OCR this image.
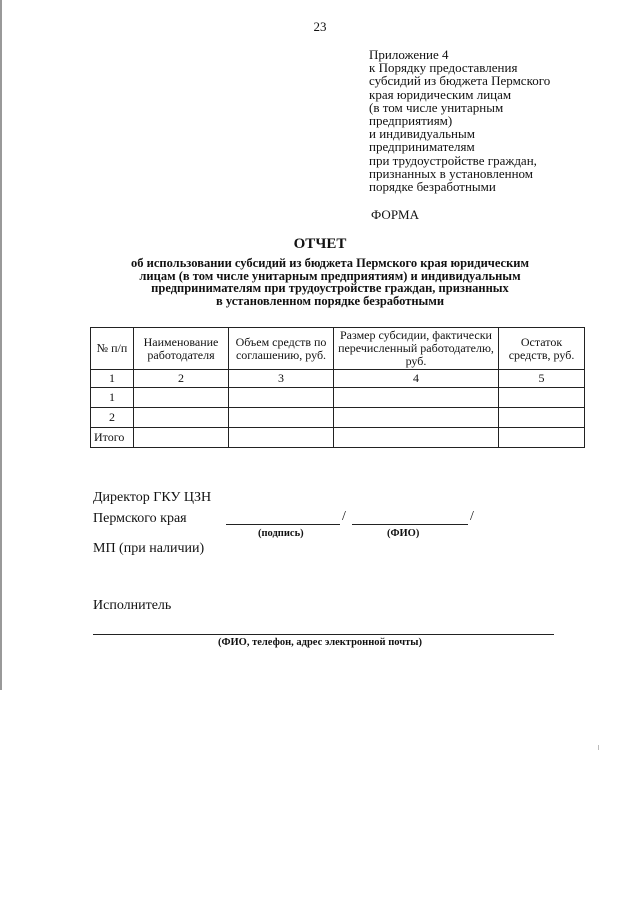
23
Приложение 4
к Порядку предоставления
субсидий из бюджета Пермского
края юридическим лицам
(в том числе унитарным
предприятиям)
и индивидуальным
предпринимателям
при трудоустройстве граждан,
признанных в установленном
порядке безработными
ФОРМА
ОТЧЕТ
об использовании субсидий из бюджета Пермского края юридическим
лицам (в том числе унитарным предприятиям) и индивидуальным
предпринимателям при трудоустройстве граждан, признанных
в установленном порядке безработными
№ п/п	Наименование работодателя	Объем средств по соглашению, руб.	Размер субсидии, фактически перечисленный работодателю, руб.	Остаток средств, руб.
1	2	3	4	5
1				
2				
Итого				
Директор ГКУ ЦЗН
Пермского края	/	/
(подпись)	(ФИО)
МП (при наличии)
Исполнитель
(ФИО, телефон, адрес электронной почты)
